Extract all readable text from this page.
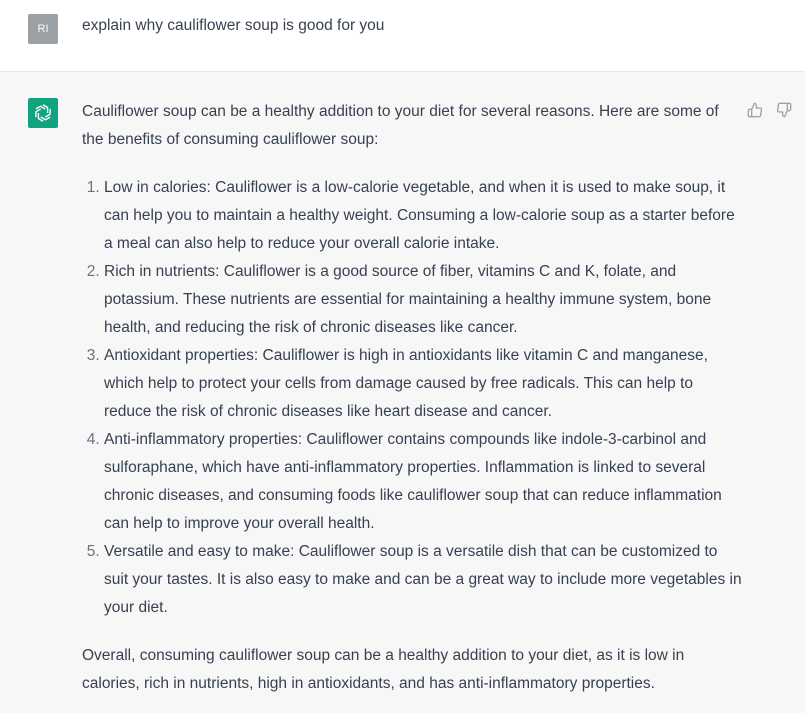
RI	explain why cauliflower soup is good for you

Cauliflower soup can be a healthy addition to your diet for several reasons. Here are some of the benefits of consuming cauliflower soup:

1. Low in calories: Cauliflower is a low-calorie vegetable, and when it is used to make soup, it can help you to maintain a healthy weight. Consuming a low-calorie soup as a starter before a meal can also help to reduce your overall calorie intake.
2. Rich in nutrients: Cauliflower is a good source of fiber, vitamins C and K, folate, and potassium. These nutrients are essential for maintaining a healthy immune system, bone health, and reducing the risk of chronic diseases like cancer.
3. Antioxidant properties: Cauliflower is high in antioxidants like vitamin C and manganese, which help to protect your cells from damage caused by free radicals. This can help to reduce the risk of chronic diseases like heart disease and cancer.
4. Anti-inflammatory properties: Cauliflower contains compounds like indole-3-carbinol and sulforaphane, which have anti-inflammatory properties. Inflammation is linked to several chronic diseases, and consuming foods like cauliflower soup that can reduce inflammation can help to improve your overall health.
5. Versatile and easy to make: Cauliflower soup is a versatile dish that can be customized to suit your tastes. It is also easy to make and can be a great way to include more vegetables in your diet.

Overall, consuming cauliflower soup can be a healthy addition to your diet, as it is low in calories, rich in nutrients, high in antioxidants, and has anti-inflammatory properties.
